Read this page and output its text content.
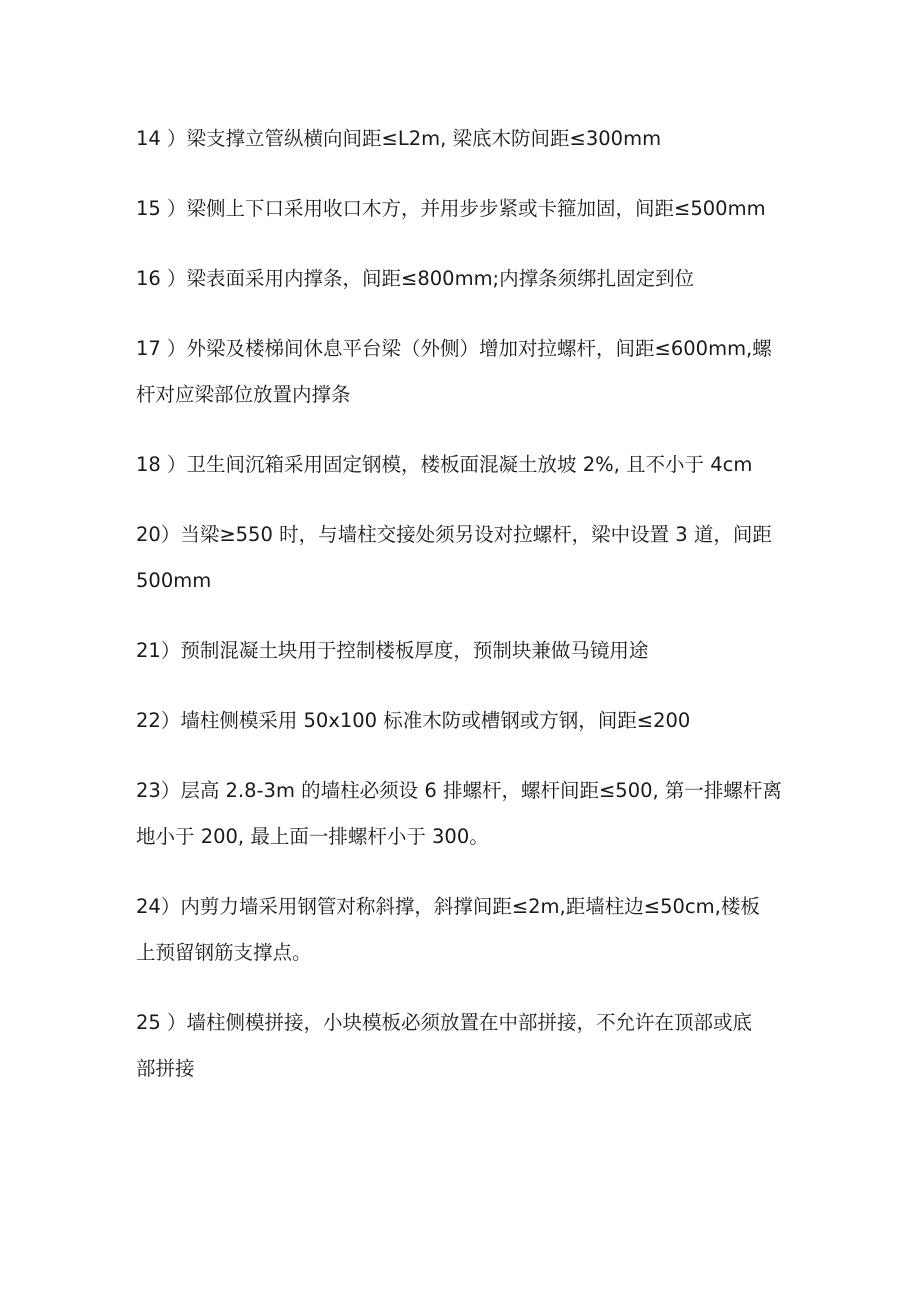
14 ）梁支撑立管纵横向间距≤L2m, 梁底木防间距≤300mm

15 ）梁侧上下口采用收口木方，并用步步紧或卡箍加固，间距≤500mm

16 ）梁表面采用内撑条，间距≤800mm;内撑条须绑扎固定到位

17 ）外梁及楼梯间休息平台梁（外侧）增加对拉螺杆，间距≤600mm,螺
杆对应梁部位放置内撑条

18 ）卫生间沉箱采用固定钢模，楼板面混凝土放坡 2%, 且不小于 4cm

20）当梁≥550 时，与墙柱交接处须另设对拉螺杆，梁中设置 3 道，间距
500mm

21）预制混凝土块用于控制楼板厚度，预制块兼做马镜用途

22）墙柱侧模采用 50x100 标准木防或槽钢或方钢，间距≤200

23）层高 2.8-3m 的墙柱必须设 6 排螺杆，螺杆间距≤500, 第一排螺杆离
地小于 200, 最上面一排螺杆小于 300。

24）内剪力墙采用钢管对称斜撑，斜撑间距≤2m,距墙柱边≤50cm,楼板
上预留钢筋支撑点。

25 ）墙柱侧模拼接，小块模板必须放置在中部拼接，不允许在顶部或底
部拼接
